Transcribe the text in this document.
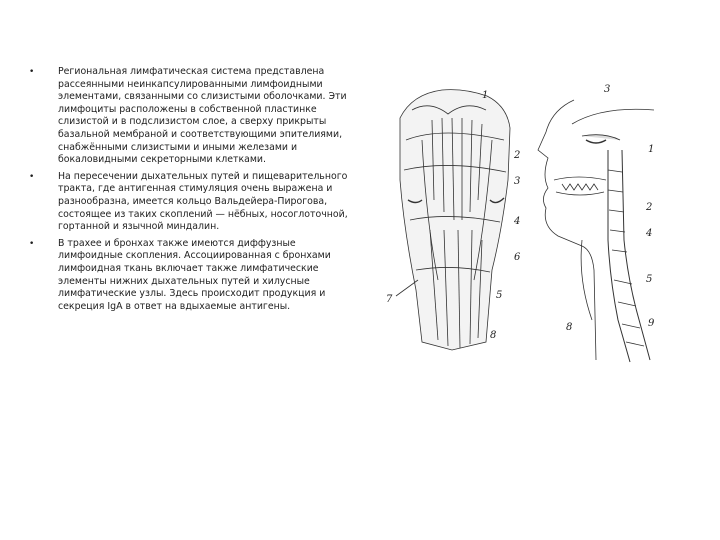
•	Региональная лимфатическая система представлена рассеянными неинкапсулированными лимфоидными элементами, связанными со слизистыми оболочками. Эти лимфоциты расположены в собственной пластинке слизистой и в подслизистом слое, а сверху прикрыты базальной мембраной и соответствующими эпителиями, снабжёнными слизистыми и иными железами и бокаловидными секреторными клетками.
•	На пересечении дыхательных путей и пищеварительного тракта, где антигенная стимуляция очень выражена и разнообразна, имеется кольцо Вальдейера-Пирогова, состоящее из таких скоплений — нёбных, носоглоточной, гортанной и язычной миндалин.
•	В трахее и бронхах также имеются диффузные лимфоидные скопления. Ассоциированная с бронхами лимфоидная ткань включает также лимфатические элементы нижних дыхательных путей и хилусные лимфатические узлы. Здесь происходит продукция и секреция IgA в ответ на вдыхаемые антигены.
1
2
3
4
5
6
7
8
3
1
2
4
5
9
8
